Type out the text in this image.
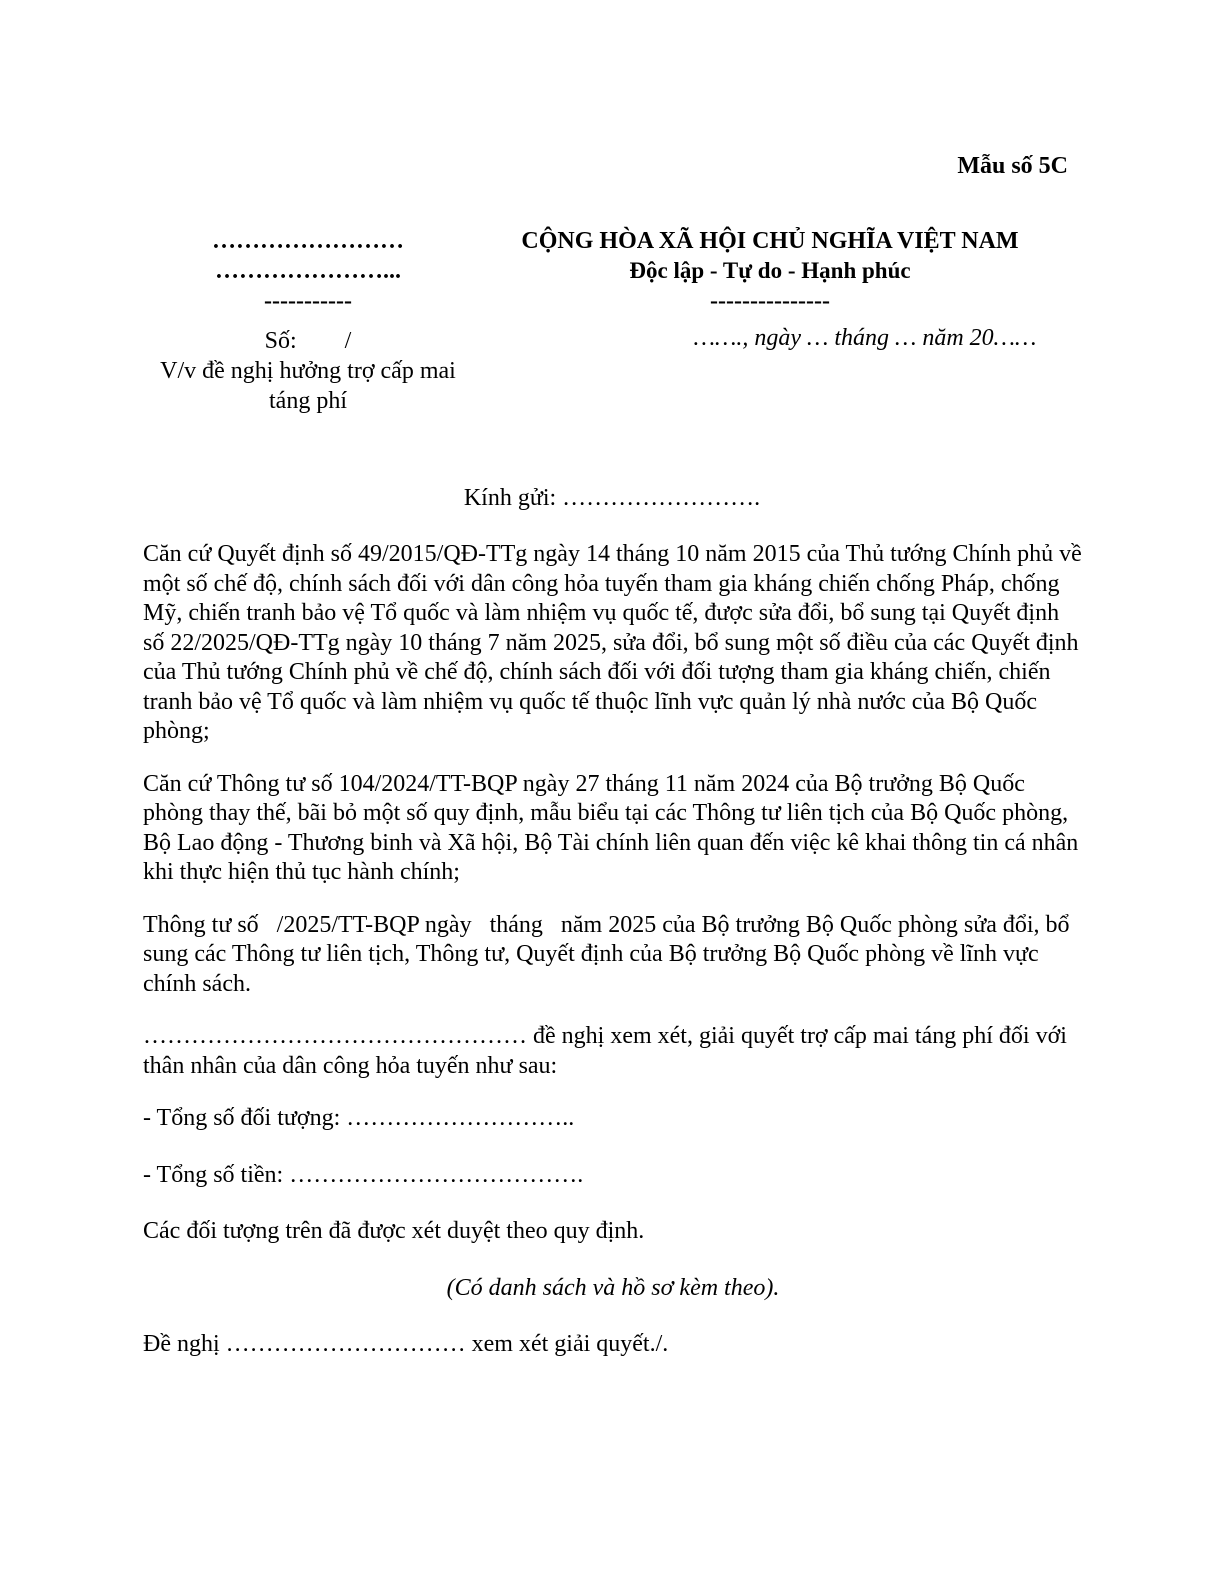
Mẫu số 5C
……………………
…………………...
-----------
Số:        /
V/v đề nghị hưởng trợ cấp mai
táng phí
CỘNG HÒA XÃ HỘI CHỦ NGHĨA VIỆT NAM
Độc lập - Tự do - Hạnh phúc
---------------
……., ngày … tháng … năm 20……
Kính gửi: …………………….

Căn cứ Quyết định số 49/2015/QĐ-TTg ngày 14 tháng 10 năm 2015 của Thủ tướng Chính phủ về một số chế độ, chính sách đối với dân công hỏa tuyến tham gia kháng chiến chống Pháp, chống Mỹ, chiến tranh bảo vệ Tổ quốc và làm nhiệm vụ quốc tế, được sửa đổi, bổ sung tại Quyết định số 22/2025/QĐ-TTg ngày 10 tháng 7 năm 2025, sửa đổi, bổ sung một số điều của các Quyết định của Thủ tướng Chính phủ về chế độ, chính sách đối với đối tượng tham gia kháng chiến, chiến tranh bảo vệ Tổ quốc và làm nhiệm vụ quốc tế thuộc lĩnh vực quản lý nhà nước của Bộ Quốc phòng;

Căn cứ Thông tư số 104/2024/TT-BQP ngày 27 tháng 11 năm 2024 của Bộ trưởng Bộ Quốc phòng thay thế, bãi bỏ một số quy định, mẫu biểu tại các Thông tư liên tịch của Bộ Quốc phòng, Bộ Lao động - Thương binh và Xã hội, Bộ Tài chính liên quan đến việc kê khai thông tin cá nhân khi thực hiện thủ tục hành chính;

Thông tư số   /2025/TT-BQP ngày   tháng   năm 2025 của Bộ trưởng Bộ Quốc phòng sửa đổi, bổ sung các Thông tư liên tịch, Thông tư, Quyết định của Bộ trưởng Bộ Quốc phòng về lĩnh vực chính sách.

………………………………………… đề nghị xem xét, giải quyết trợ cấp mai táng phí đối với thân nhân của dân công hỏa tuyến như sau:

- Tổng số đối tượng: ………………………..

- Tổng số tiền: ……………………………….

Các đối tượng trên đã được xét duyệt theo quy định.

(Có danh sách và hồ sơ kèm theo).

Đề nghị ………………………… xem xét giải quyết./.
